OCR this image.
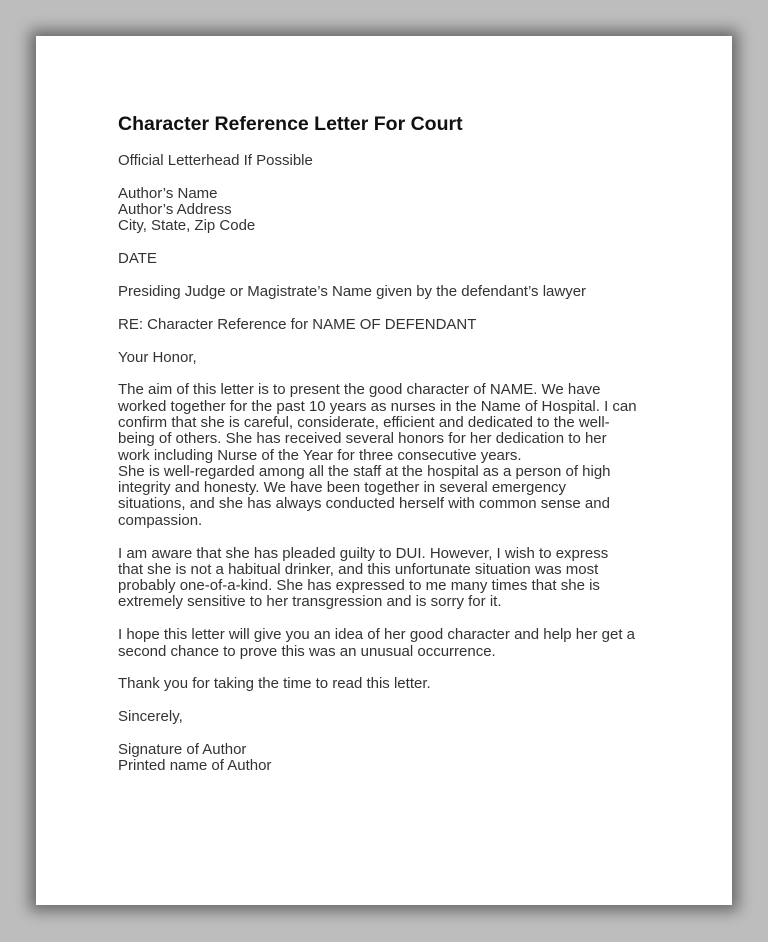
Character Reference Letter For Court
Official Letterhead If Possible
Author’s Name
Author’s Address
City, State, Zip Code
DATE
Presiding Judge or Magistrate’s Name given by the defendant’s lawyer
RE: Character Reference for NAME OF DEFENDANT
Your Honor,
The aim of this letter is to present the good character of NAME. We have
worked together for the past 10 years as nurses in the Name of Hospital. I can
confirm that she is careful, considerate, efficient and dedicated to the well-
being of others. She has received several honors for her dedication to her
work including Nurse of the Year for three consecutive years.
She is well-regarded among all the staff at the hospital as a person of high
integrity and honesty. We have been together in several emergency
situations, and she has always conducted herself with common sense and
compassion.
I am aware that she has pleaded guilty to DUI. However, I wish to express
that she is not a habitual drinker, and this unfortunate situation was most
probably one-of-a-kind. She has expressed to me many times that she is
extremely sensitive to her transgression and is sorry for it.
I hope this letter will give you an idea of her good character and help her get a
second chance to prove this was an unusual occurrence.
Thank you for taking the time to read this letter.
Sincerely,
Signature of Author
Printed name of Author
